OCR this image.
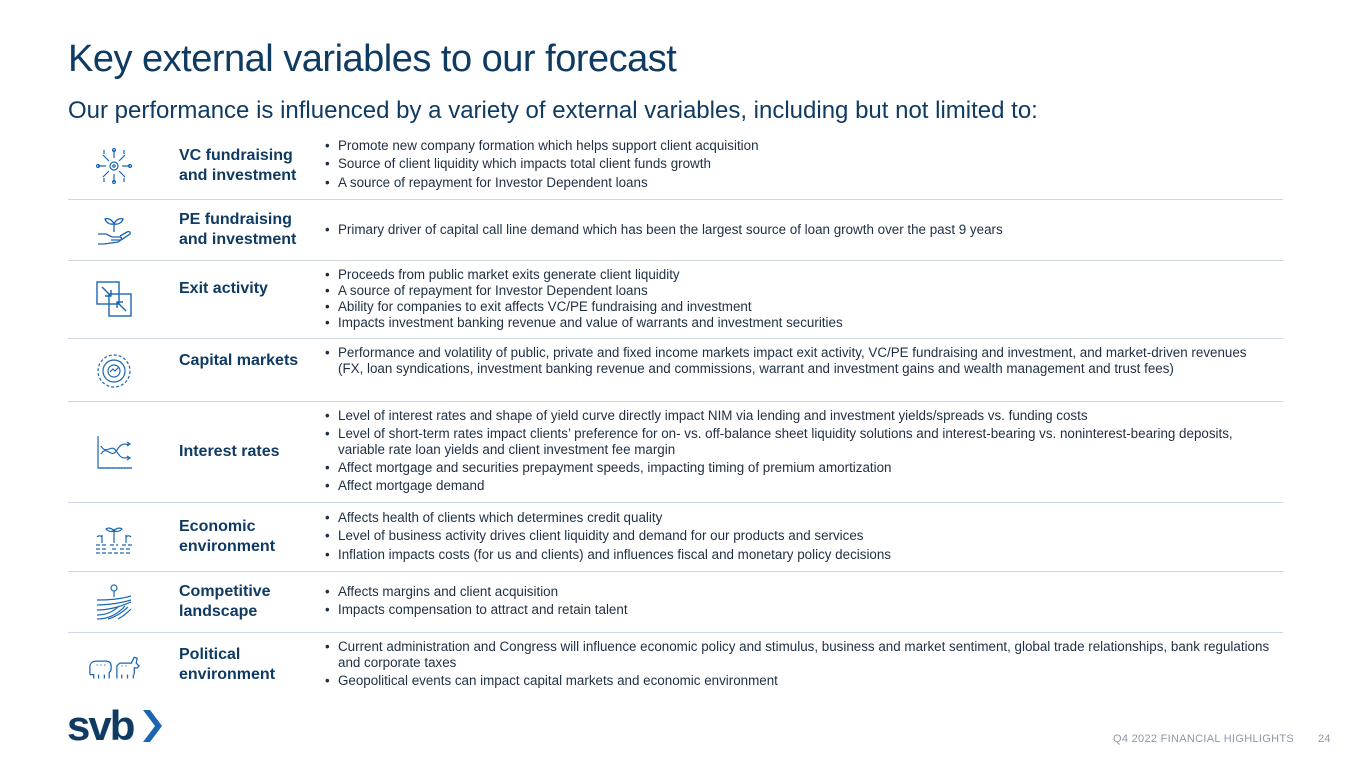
Key external variables to our forecast
Our performance is influenced by a variety of external variables, including but not limited to:
VC fundraising and investment
• Promote new company formation which helps support client acquisition
• Source of client liquidity which impacts total client funds growth
• A source of repayment for Investor Dependent loans
PE fundraising and investment
• Primary driver of capital call line demand which has been the largest source of loan growth over the past 9 years
Exit activity
• Proceeds from public market exits generate client liquidity
• A source of repayment for Investor Dependent loans
• Ability for companies to exit affects VC/PE fundraising and investment
• Impacts investment banking revenue and value of warrants and investment securities
Capital markets
•	Performance and volatility of public, private and fixed income markets impact exit activity, VC/PE fundraising and investment, and market-driven revenues (FX, loan syndications, investment banking revenue and commissions, warrant and investment gains and wealth management and trust fees)
Interest rates
• Level of interest rates and shape of yield curve directly impact NIM via lending and investment yields/spreads vs. funding costs
• Level of short-term rates impact clients’ preference for on- vs. off-balance sheet liquidity solutions and interest-bearing vs. noninterest-bearing deposits, variable rate loan yields and client investment fee margin
• Affect mortgage and securities prepayment speeds, impacting timing of premium amortization
• Affect mortgage demand
Economic environment
• Affects health of clients which determines credit quality
• Level of business activity drives client liquidity and demand for our products and services
• Inflation impacts costs (for us and clients) and influences fiscal and monetary policy decisions
Competitive landscape
• Affects margins and client acquisition
• Impacts compensation to attract and retain talent
Political environment
• Current administration and Congress will influence economic policy and stimulus, business and market sentiment, global trade relationships, bank regulations and corporate taxes
• Geopolitical events can impact capital markets and economic environment
svb	Q4 2022 FINANCIAL HIGHLIGHTS 24
